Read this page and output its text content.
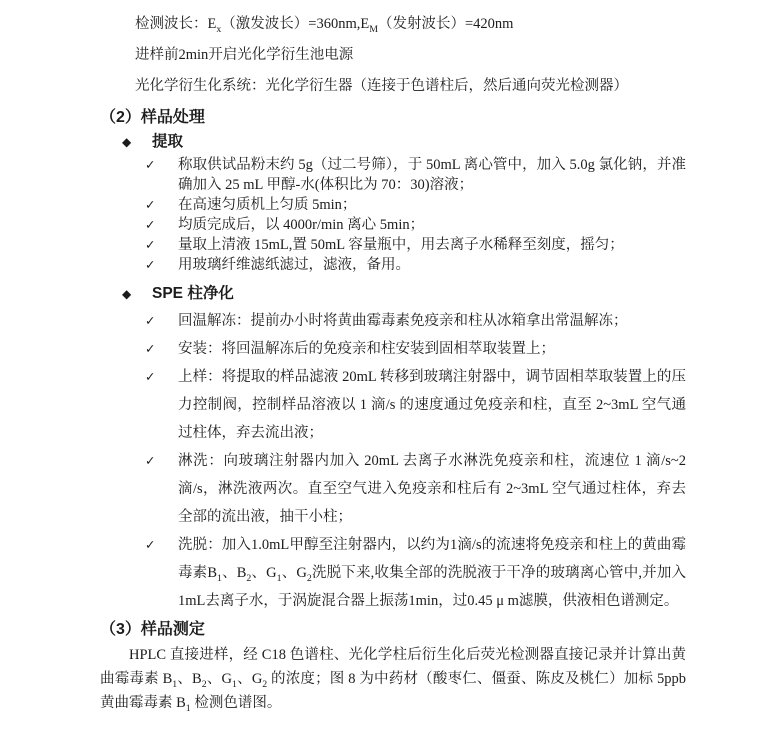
检测波长：$E_x$（激发波长）$=360nm,E_M$（发射波长）=420nm

进样前2min开启光化学衍生池电源

光化学衍生化系统：光化学衍生器（连接于色谱柱后，然后通向荧光检测器）

（2）样品处理
◆	提取
✓	称取供试品粉末约 5g（过二号筛），于 50mL 离心管中，加入 5.0g 氯化钠，并准确加入 25 mL 甲醇-水(体积比为 70：30)溶液；
✓	在高速匀质机上匀质 5min；
✓	均质完成后，以 4000r/min 离心 5min；
✓	量取上清液 15mL,置 50mL 容量瓶中，用去离子水稀释至刻度，摇匀；
✓	用玻璃纤维滤纸滤过，滤液，备用。
◆	SPE 柱净化
✓	回温解冻：提前办小时将黄曲霉毒素免疫亲和柱从冰箱拿出常温解冻；
✓	安装：将回温解冻后的免疫亲和柱安装到固相萃取装置上；
✓	上样：将提取的样品滤液 20mL 转移到玻璃注射器中，调节固相萃取装置上的压力控制阀，控制样品溶液以 1 滴/s 的速度通过免疫亲和柱，直至 2~3mL 空气通过柱体，弃去流出液；
✓	淋洗：向玻璃注射器内加入 20mL 去离子水淋洗免疫亲和柱，流速位 1 滴/s~2 滴/s，淋洗液两次。直至空气进入免疫亲和柱后有 2~3mL 空气通过柱体，弃去全部的流出液，抽干小柱；
✓	洗脱：加入1.0mL甲醇至注射器内，以约为1滴/s的流速将免疫亲和柱上的黄曲霉毒素$B_1$、$B_2$、$G_1$、$G_2$洗脱下来,收集全部的洗脱液于干净的玻璃离心管中,并加入1mL去离子水，于涡旋混合器上振荡1min，过0.45 μ m滤膜，供液相色谱测定。
（3）样品测定

HPLC 直接进样，经 C18 色谱柱、光化学柱后衍生化后荧光检测器直接记录并计算出黄曲霉毒素 $B_1$、$B_2$、$G_1$、$G_2$ 的浓度；图 8 为中药材（酸枣仁、僵蚕、陈皮及桃仁）加标 5ppb 黄曲霉毒素 $B_1$ 检测色谱图。
